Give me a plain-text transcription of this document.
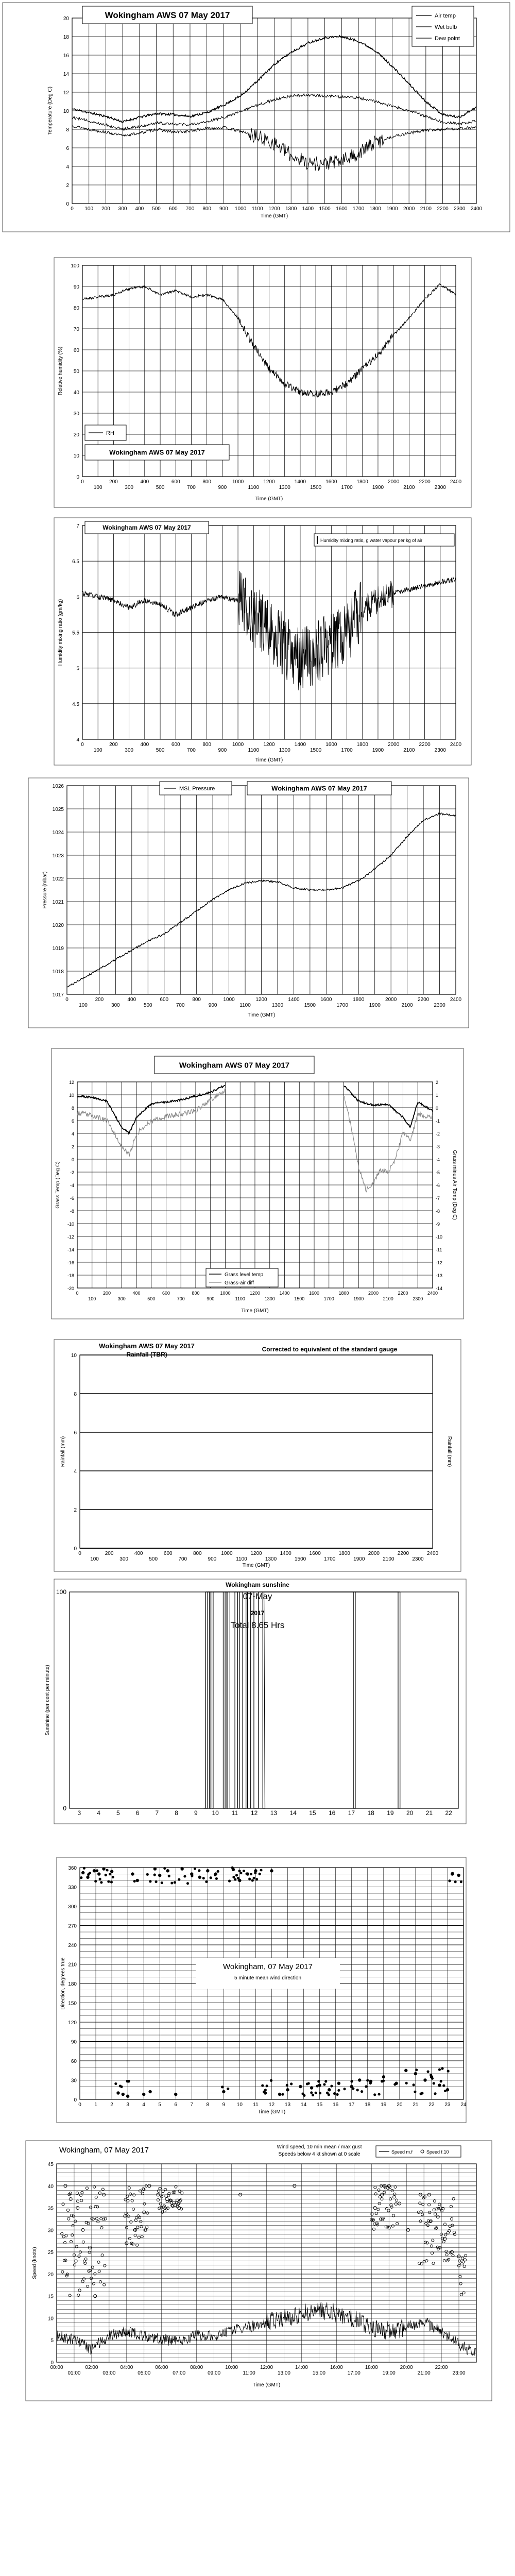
0
2
4
6
8
10
12
14
16
18
20
0 100 200 300 400 500 600 700 800 900 1000 1100 1200 1300 1400 1500 1600 1700 1800 1900 2000 2100 2200 2300 2400
Time (GMT)
Temperature (Deg C)
Wokingham AWS 07 May 2017	Air temp
Wet bulb
Dew point
0
10
20
30
40
50
60
70
80
90
100
0	200	400	600	800	1000	1200	1400	1600	1800	2000	2200	2400
100	300	500	700	900	1100	1300	1500	1700	1900	2100	2300
Time (GMT)
Relative humidity (%)
RH
Wokingham AWS 07 May 2017
4
4.5
5
5.5
6
6.5
7
0	200	400	600	800	1000	1200	1400	1600	1800	2000	2200	2400
100	300	500	700	900	1100	1300	1500	1700	1900	2100	2300
Time (GMT)
Humidity mixing ratio (gm/kg)
Wokingham AWS 07 May 2017
Humidity mixing ratio, g water vapour per kg of air
1017
1018
1019
1020
1021
1022
1023
1024
1025
1026
0	200	400	600	800	1000	1200	1400	1600	1800	2000	2200	2400
100	300	500	700	900	1100	1300	1500	1700	1900	2100	2300
Time (GMT)
Pressure (mbar)
MSL Pressure	Wokingham AWS 07 May 2017
-20
-18
-16
-14
-12
-10
-8
-6
-4
-2
0
2
4
6
8
10
12
-14
-13
-12
-11
-10
-9
-8
-7
-6
-5
-4
-3
-2
-1
0
1
2
0	200	400	600	800	1000	1200	1400	1600	1800	2000	2200	2400
100	300	500	700	900	1100	1300	1500	1700	1900	2100	2300
Time (GMT)
Grass Temp (Deg C)	Grass minus Air Temp (Deg C)
Wokingham AWS 07 May 2017
Grass level temp
Grass-air diff
0
2
4
6
8
10
0	200	400	600	800	1000	1200	1400	1600	1800	2000	2200	2400
100	300	500	700	900	1100	1300	1500	1700	1900	2100	2300
Time (GMT)
Rainfall (mm)	Rainfall (mm)
Wokingham AWS 07 May 2017
Rainfall (TBR)
Corrected to equivalent of the standard gauge
0
100
3	4	5	6	7	8	9 10 11 12 13 14 15 16 17 18 19 20 21 22
Sunshine (per cent per minute)
Wokingham sunshine
07-May
2017
Total 8.65 Hrs
0
30
60
90
120
150
180
210
240
270
300
330
360
0	1	2	3	4	5	6	7	8	9 10 11 12 13 14 15 16 17 18 19 20 21 22 23 24
Time (GMT)
Direction, degrees true	Wokingham, 07 May 2017
5 minute mean wind direction
0
5
10
15
20
25
30
35
40
45
00:00	02:00	04:00	06:00	08:00	10:00	12:00	14:00	16:00	18:00	20:00	22:00
01:00	03:00	05:00	07:00	09:00	11:00	13:00	15:00	17:00	19:00	21:00	23:00
Time (GMT)
Speed (knots)
Wokingham, 07 May 2017	Wind speed, 10 min mean / max gust
Speeds below 4 kt shown at 0 scale	Speed m.f	Speed f.10
